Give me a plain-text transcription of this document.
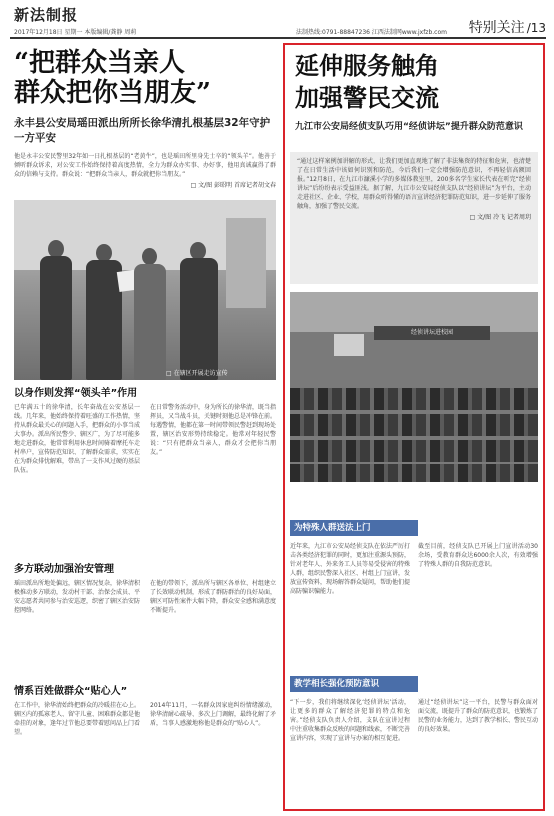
新法制报
2017年12月18日 星期一 本版编辑/龚静 周莉	法制热线:0791-88847236 江西法制网www.jxfzb.com 特别关注 /13
“把群众当亲人
群众把你当朋友”
永丰县公安局瑶田派出所所长徐华清扎根基层32年守护一方平安
他是永丰公安民警里32年如一日扎根基层的“老黄牛”，也是瑶田所里身先士卒的“领头羊”。他善于倾听群众诉求，对公安工作始终保持着高度热情，全力为群众办实事、办好事，他用真诚赢得了群众的信赖与支持。群众说：“把群众当亲人，群众就把你当朋友。”
□ 文/图 彭昭明 首席记者胡文春
□ 在辖区开展走访宣传
以身作则发挥“领头羊”作用
已年满五十的徐华清，长年奋战在公安基层一线。几年来，他始终保持着旺盛的工作热情，坚持从群众最关心的问题入手，把群众的小事当成大事办。派出所民警少、辖区广，为了尽可能多地走进群众，他常常利用休息时间骑着摩托车走村串户，宣传防范知识、了解群众需求，实实在在为群众排忧解难，带出了一支作风过硬的基层队伍。
在日常警务活动中，身为所长的徐华清，既当指挥员，又当战斗员，关键时刻他总是冲锋在前。每遇警情，他都在第一时间带领民警赶到现场处置，辖区治安形势持续稳定。他常对年轻民警说：“只有把群众当亲人，群众才会把你当朋友。”
多方联动加强治安管理
瑶田派出所地处偏远，辖区情况复杂，徐华清积极推动多方联动，发动村干部、治保会成员、平安志愿者共同参与治安巡逻，织密了辖区治安防控网络。
在他的带领下，派出所与辖区各单位、村组建立了长效联动机制，形成了群防群治的良好局面，辖区可防性案件大幅下降，群众安全感和满意度不断提升。
情系百姓做群众“贴心人”
在工作中，徐华清始终把群众的冷暖挂在心上。辖区内的孤寡老人、留守儿童、困难群众都是他牵挂的对象，逢年过节他总要带着慰问品上门看望。
2014年11月，一名群众因家庭纠纷情绪激动，徐华清耐心疏导、多次上门调解，最终化解了矛盾，当事人感激地称他是群众的“贴心人”。
延伸服务触角
加强警民交流
九江市公安局经侦支队巧用“经侦讲坛”提升群众防范意识
“通过这样案例加讲解的形式，让我们更加直观地了解了非法集资的特征和危害，也清楚了在日常生活中该如何识别和防范，今后我们一定会增强防范意识，不再轻信高额回报。”12月8日，在九江市濂溪小学的多媒体教室里，200多名学生家长代表在听完“经侦讲坛”后纷纷表示受益匪浅。据了解，九江市公安局经侦支队以“经侦讲坛”为平台，主动走进社区、企业、学校，用群众听得懂的语言宣讲经济犯罪防范知识，进一步延伸了服务触角，加强了警民交流。
□ 文/图 冷飞 记者周玥
经侦讲坛进校园
为特殊人群送法上门
近年来，九江市公安局经侦支队在依法严厉打击各类经济犯罪的同时，更加注重源头预防，针对老年人、外来务工人员等易受侵害的特殊人群，组织民警深入社区、村组上门宣讲，发放宣传资料，现场解答群众疑问，帮助他们提高防骗识骗能力。
截至目前，经侦支队已开展上门宣讲活动30余场，受教育群众达6000余人次，有效增强了特殊人群的自我防范意识。
教学相长强化预防意识
“下一步，我们将继续深化‘经侦讲坛’活动，让更多的群众了解经济犯罪的特点和危害。”经侦支队负责人介绍，支队在宣讲过程中注重收集群众反映的问题和线索，不断完善宣讲内容，实现了宣讲与办案的相互促进。
通过“经侦讲坛”这一平台，民警与群众面对面交流，既提升了群众的防范意识，也锻炼了民警的业务能力，达到了教学相长、警民互动的良好效果。
